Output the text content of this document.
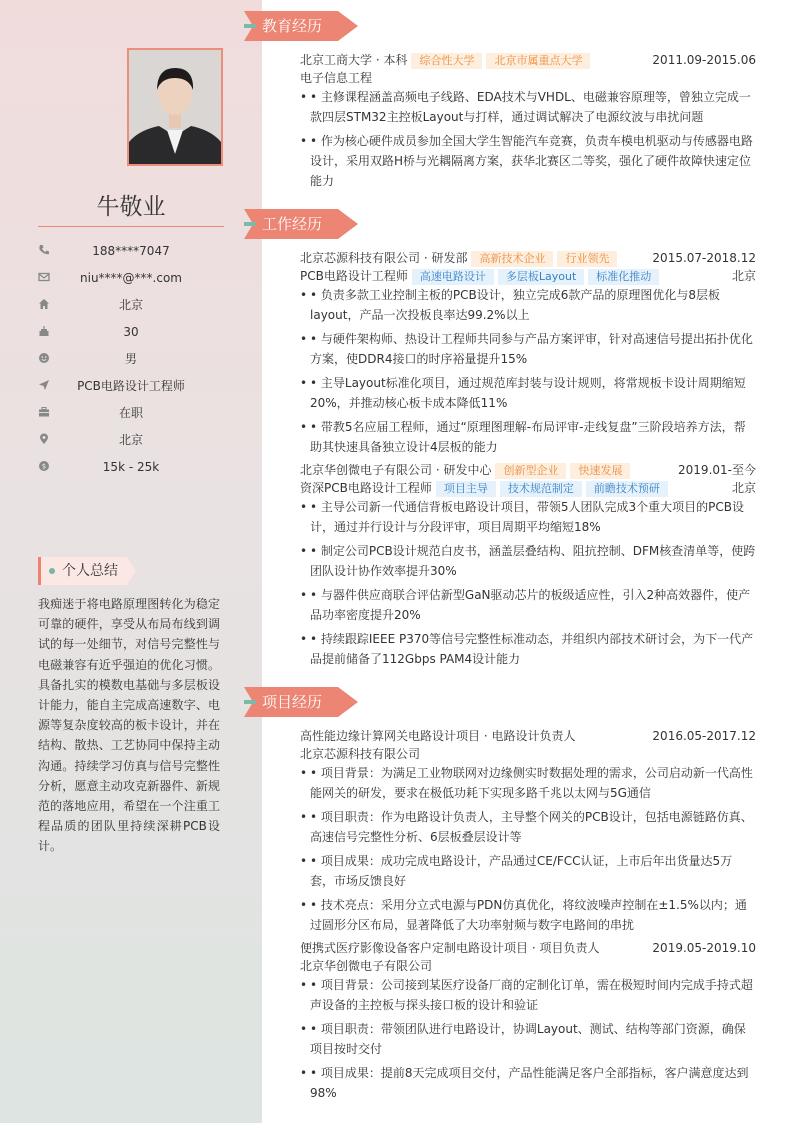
牛敬业
188****7047
niu****@***.com
北京
30
男
PCB电路设计工程师
在职
北京
$	15k - 25k
个人总结
我痴迷于将电路原理图转化为稳定可靠的硬件，享受从布局布线到调试的每一处细节，对信号完整性与电磁兼容有近乎强迫的优化习惯。具备扎实的模数电基础与多层板设计能力，能自主完成高速数字、电源等复杂度较高的板卡设计，并在结构、散热、工艺协同中保持主动沟通。持续学习仿真与信号完整性分析，愿意主动攻克新器件、新规范的落地应用，希望在一个注重工程品质的团队里持续深耕PCB设计。
教育经历
北京工商大学 · 本科 综合性大学 北京市属重点大学	2011.09-2015.06
电子信息工程
• • 主修课程涵盖高频电子线路、EDA技术与VHDL、电磁兼容原理等，曾独立完成一款四层STM32主控板Layout与打样，通过调试解决了电源纹波与串扰问题
• • 作为核心硬件成员参加全国大学生智能汽车竞赛，负责车模电机驱动与传感器电路设计，采用双路H桥与光耦隔离方案，获华北赛区二等奖，强化了硬件故障快速定位能力
工作经历
北京芯源科技有限公司 · 研发部 高新技术企业 行业领先	2015.07-2018.12
PCB电路设计工程师 高速电路设计 多层板Layout 标准化推动	北京
• • 负责多款工业控制主板的PCB设计，独立完成6款产品的原理图优化与8层板layout，产品一次投板良率达99.2%以上
• • 与硬件架构师、热设计工程师共同参与产品方案评审，针对高速信号提出拓扑优化方案，使DDR4接口的时序裕量提升15%
• • 主导Layout标准化项目，通过规范库封装与设计规则，将常规板卡设计周期缩短20%，并推动核心板卡成本降低11%
• • 带教5名应届工程师，通过“原理图理解-布局评审-走线复盘”三阶段培养方法，帮助其快速具备独立设计4层板的能力
北京华创微电子有限公司 · 研发中心 创新型企业 快速发展	2019.01-至今
资深PCB电路设计工程师 项目主导 技术规范制定 前瞻技术预研	北京
• • 主导公司新一代通信背板电路设计项目，带领5人团队完成3个重大项目的PCB设计，通过并行设计与分段评审，项目周期平均缩短18%
• • 制定公司PCB设计规范白皮书，涵盖层叠结构、阻抗控制、DFM核查清单等，使跨团队设计协作效率提升30%
• • 与器件供应商联合评估新型GaN驱动芯片的板级适应性，引入2种高效器件，使产品功率密度提升20%
• • 持续跟踪IEEE P370等信号完整性标准动态，并组织内部技术研讨会，为下一代产品提前储备了112Gbps PAM4设计能力
项目经历
高性能边缘计算网关电路设计项目 · 电路设计负责人	2016.05-2017.12
北京芯源科技有限公司
• • 项目背景：为满足工业物联网对边缘侧实时数据处理的需求，公司启动新一代高性能网关的研发，要求在极低功耗下实现多路千兆以太网与5G通信
• • 项目职责：作为电路设计负责人，主导整个网关的PCB设计，包括电源链路仿真、高速信号完整性分析、6层板叠层设计等
• • 项目成果：成功完成电路设计，产品通过CE/FCC认证，上市后年出货量达5万套，市场反馈良好
• • 技术亮点：采用分立式电源与PDN仿真优化，将纹波噪声控制在±1.5%以内；通过圆形分区布局，显著降低了大功率射频与数字电路间的串扰
便携式医疗影像设备客户定制电路设计项目 · 项目负责人	2019.05-2019.10
北京华创微电子有限公司
• • 项目背景：公司接到某医疗设备厂商的定制化订单，需在极短时间内完成手持式超声设备的主控板与探头接口板的设计和验证
• • 项目职责：带领团队进行电路设计，协调Layout、测试、结构等部门资源，确保项目按时交付
• • 项目成果：提前8天完成项目交付，产品性能满足客户全部指标，客户满意度达到98%
